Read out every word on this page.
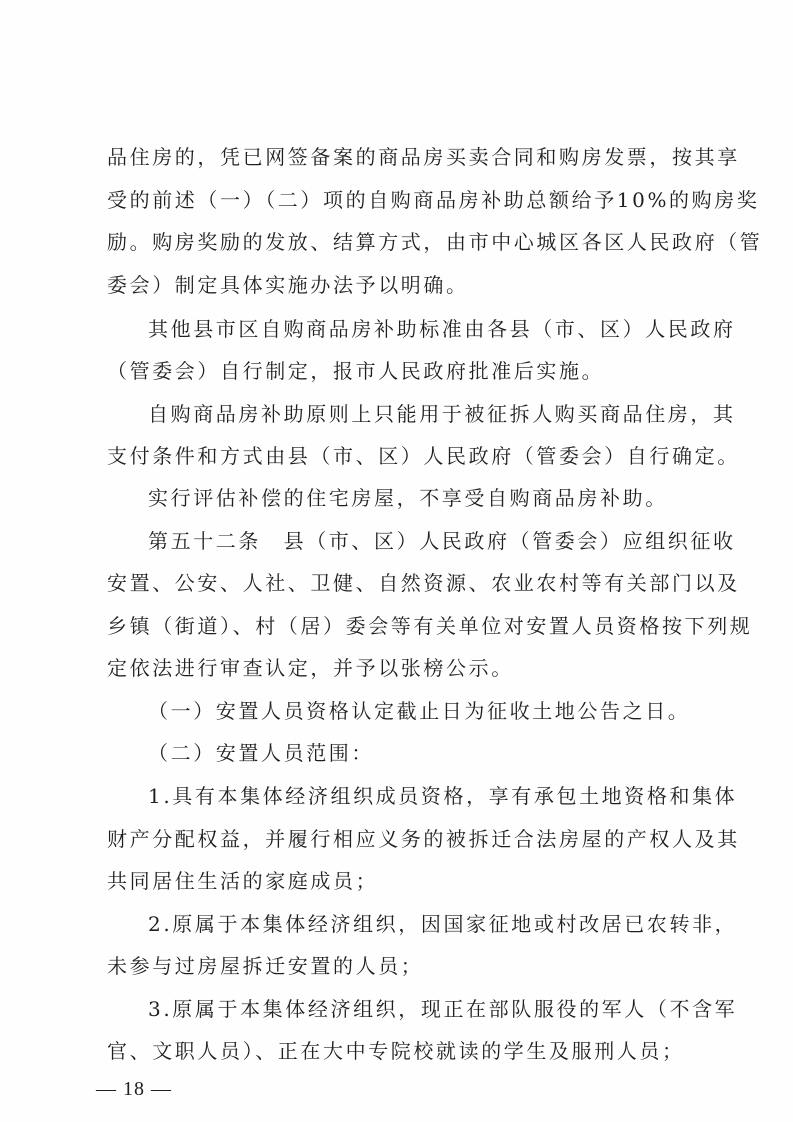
品住房的，凭已网签备案的商品房买卖合同和购房发票，按其享
受的前述（一）（二）项的自购商品房补助总额给予10%的购房奖
励。购房奖励的发放、结算方式，由市中心城区各区人民政府（管
委会）制定具体实施办法予以明确。
其他县市区自购商品房补助标准由各县（市、区）人民政府
（管委会）自行制定，报市人民政府批准后实施。
自购商品房补助原则上只能用于被征拆人购买商品住房，其
支付条件和方式由县（市、区）人民政府（管委会）自行确定。
实行评估补偿的住宅房屋，不享受自购商品房补助。
第五十二条　县（市、区）人民政府（管委会）应组织征收
安置、公安、人社、卫健、自然资源、农业农村等有关部门以及
乡镇（街道）、村（居）委会等有关单位对安置人员资格按下列规
定依法进行审查认定，并予以张榜公示。
（一）安置人员资格认定截止日为征收土地公告之日。
（二）安置人员范围：
1.具有本集体经济组织成员资格，享有承包土地资格和集体
财产分配权益，并履行相应义务的被拆迁合法房屋的产权人及其
共同居住生活的家庭成员；
2.原属于本集体经济组织，因国家征地或村改居已农转非，
未参与过房屋拆迁安置的人员；
3.原属于本集体经济组织，现正在部队服役的军人（不含军
官、文职人员）、正在大中专院校就读的学生及服刑人员；
— 18 —
